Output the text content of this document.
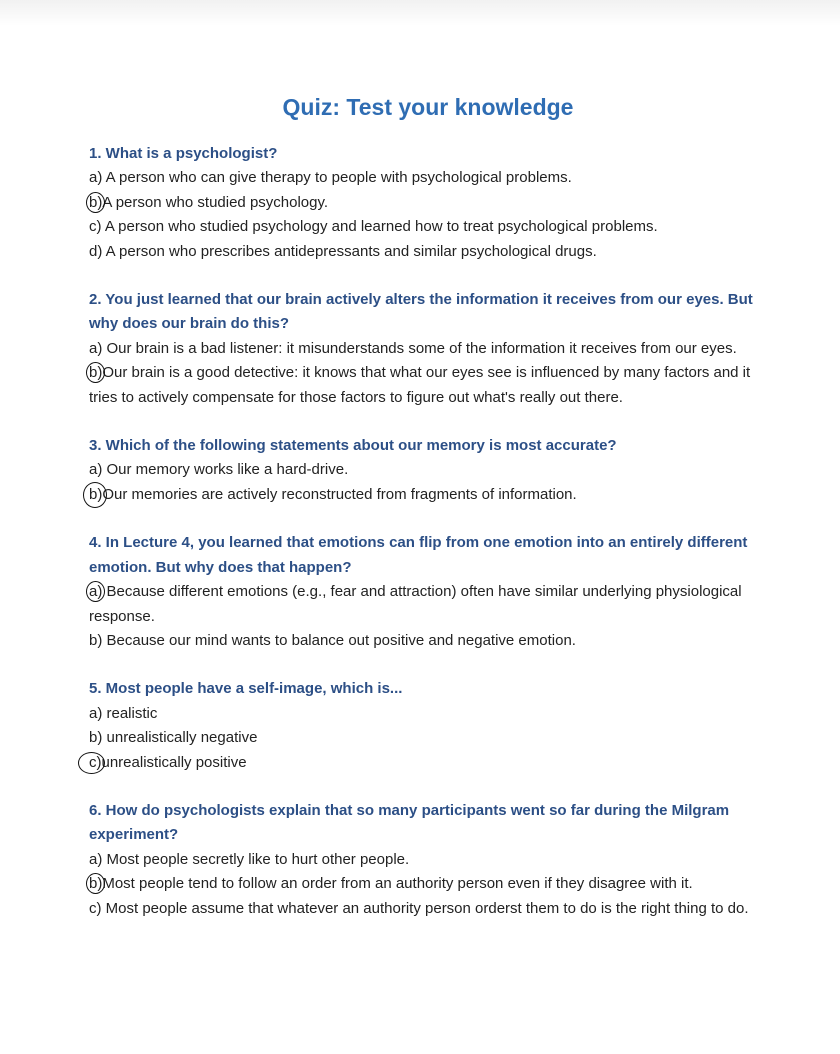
Quiz: Test your knowledge
1. What is a psychologist?
a) A person who can give therapy to people with psychological problems.
b)A person who studied psychology.
c) A person who studied psychology and learned how to treat psychological problems.
d) A person who prescribes antidepressants and similar psychological drugs.
2. You just learned that our brain actively alters the information it receives from our eyes. But why does our brain do this?
a) Our brain is a bad listener: it misunderstands some of the information it receives from our eyes.
b)Our brain is a good detective: it knows that what our eyes see is influenced by many factors and it tries to actively compensate for those factors to figure out what's really out there.
3. Which of the following statements about our memory is most accurate?
a) Our memory works like a hard-drive.
b)Our memories are actively reconstructed from fragments of information.
4. In Lecture 4, you learned that emotions can flip from one emotion into an entirely different emotion. But why does that happen?
a) Because different emotions (e.g., fear and attraction) often have similar underlying physiological response.
b) Because our mind wants to balance out positive and negative emotion.
5. Most people have a self-image, which is...
a) realistic
b) unrealistically negative
c)unrealistically positive
6. How do psychologists explain that so many participants went so far during the Milgram experiment?
a) Most people secretly like to hurt other people.
b)Most people tend to follow an order from an authority person even if they disagree with it.
c) Most people assume that whatever an authority person orderst them to do is the right thing to do.
